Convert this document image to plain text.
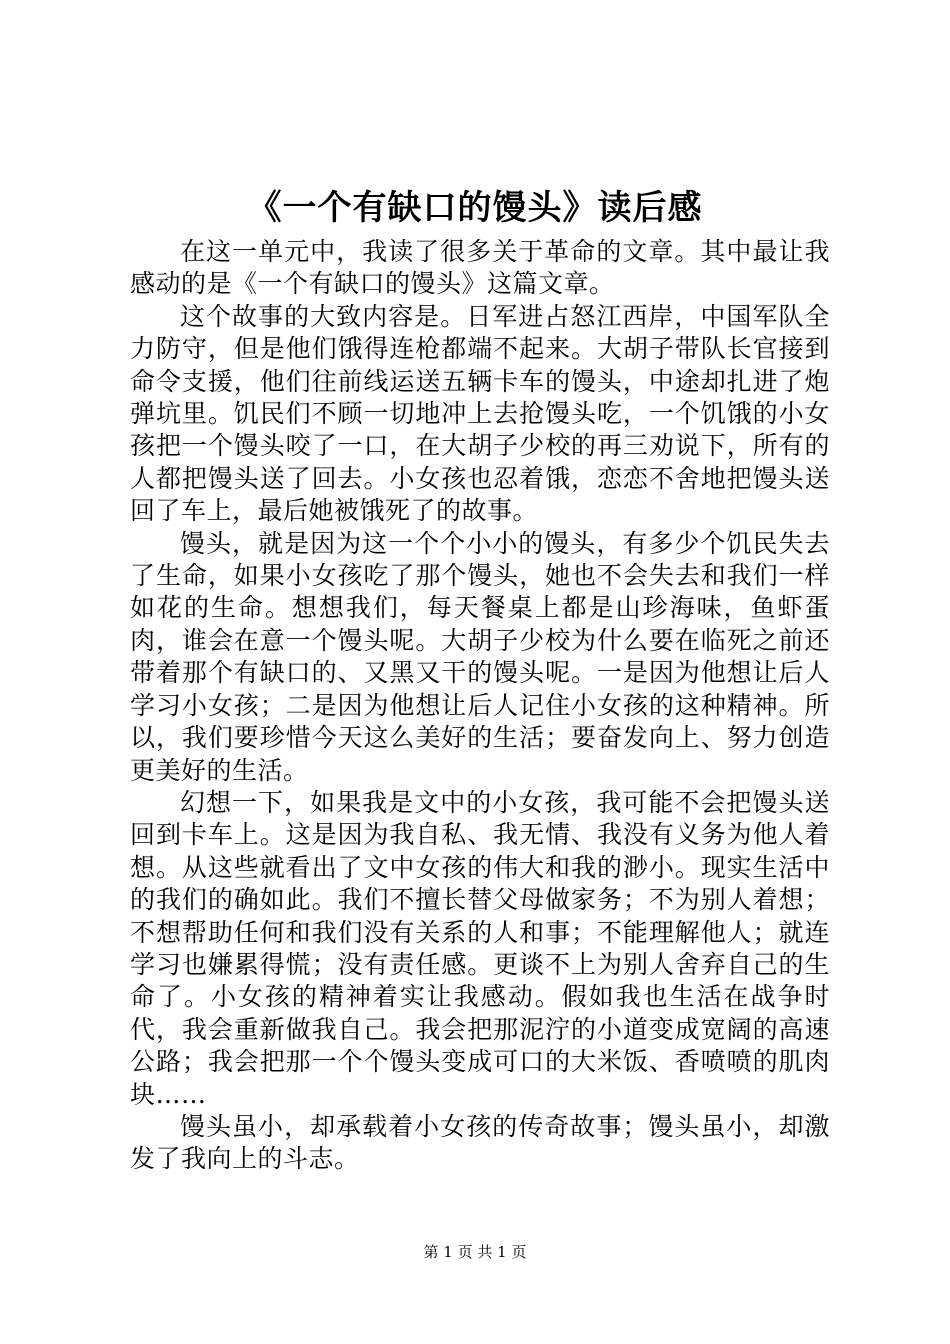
《一个有缺口的馒头》读后感

在这一单元中，我读了很多关于革命的文章。其中最让我感动的是《一个有缺口的馒头》这篇文章。

这个故事的大致内容是。日军进占怒江西岸，中国军队全力防守，但是他们饿得连枪都端不起来。大胡子带队长官接到命令支援，他们往前线运送五辆卡车的馒头，中途却扎进了炮弹坑里。饥民们不顾一切地冲上去抢馒头吃，一个饥饿的小女孩把一个馒头咬了一口，在大胡子少校的再三劝说下，所有的人都把馒头送了回去。小女孩也忍着饿，恋恋不舍地把馒头送回了车上，最后她被饿死了的故事。

馒头，就是因为这一个个小小的馒头，有多少个饥民失去了生命，如果小女孩吃了那个馒头，她也不会失去和我们一样如花的生命。想想我们，每天餐桌上都是山珍海味，鱼虾蛋肉，谁会在意一个馒头呢。大胡子少校为什么要在临死之前还带着那个有缺口的、又黑又干的馒头呢。一是因为他想让后人学习小女孩；二是因为他想让后人记住小女孩的这种精神。所以，我们要珍惜今天这么美好的生活；要奋发向上、努力创造更美好的生活。

幻想一下，如果我是文中的小女孩，我可能不会把馒头送回到卡车上。这是因为我自私、我无情、我没有义务为他人着想。从这些就看出了文中女孩的伟大和我的渺小。现实生活中的我们的确如此。我们不擅长替父母做家务；不为别人着想；不想帮助任何和我们没有关系的人和事；不能理解他人；就连学习也嫌累得慌；没有责任感。更谈不上为别人舍弃自己的生命了。小女孩的精神着实让我感动。假如我也生活在战争时代，我会重新做我自己。我会把那泥泞的小道变成宽阔的高速公路；我会把那一个个馒头变成可口的大米饭、香喷喷的肌肉块……

馒头虽小，却承载着小女孩的传奇故事；馒头虽小，却激发了我向上的斗志。

第 1 页 共 1 页
